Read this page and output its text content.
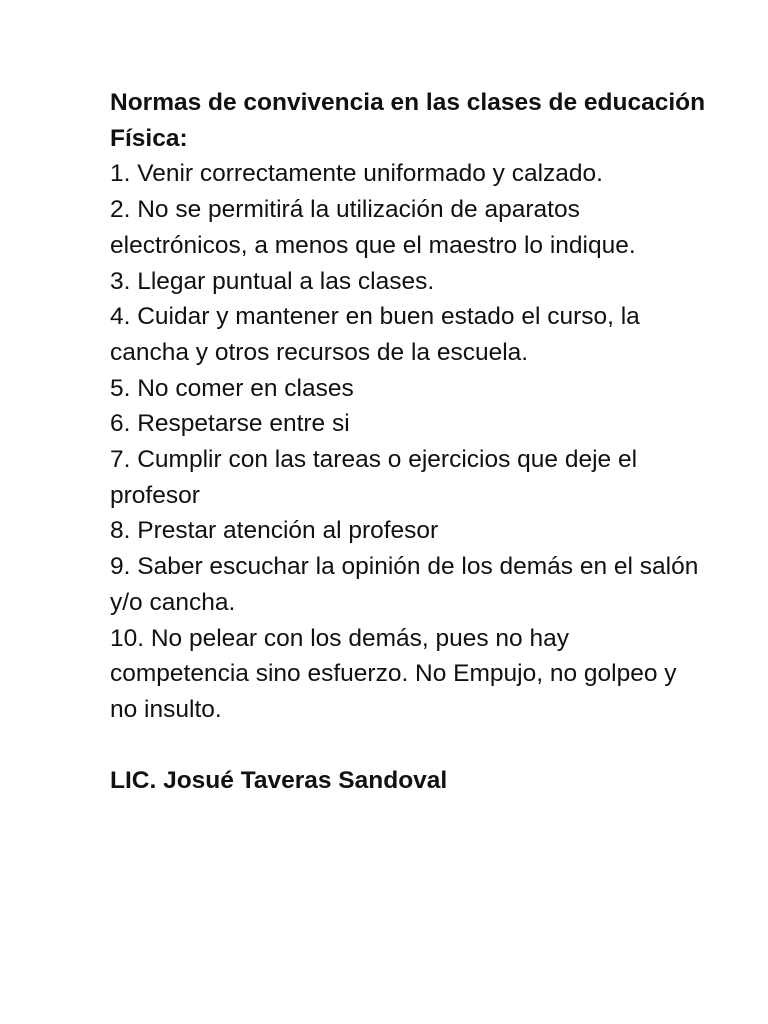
Normas de convivencia en las clases de educación Física:

1. Venir correctamente uniformado y calzado.
2. No se permitirá la utilización de aparatos electrónicos, a menos que el maestro lo indique.
3. Llegar puntual a las clases.
4. Cuidar y mantener en buen estado el curso, la cancha y otros recursos de la escuela.
5. No comer en clases
6. Respetarse entre si
7. Cumplir con las tareas o ejercicios que deje el profesor
8. Prestar atención al profesor
9. Saber escuchar la opinión de los demás en el salón y/o cancha.
10. No pelear con los demás, pues no hay competencia sino esfuerzo. No Empujo, no golpeo y no insulto.

LIC. Josué Taveras Sandoval
